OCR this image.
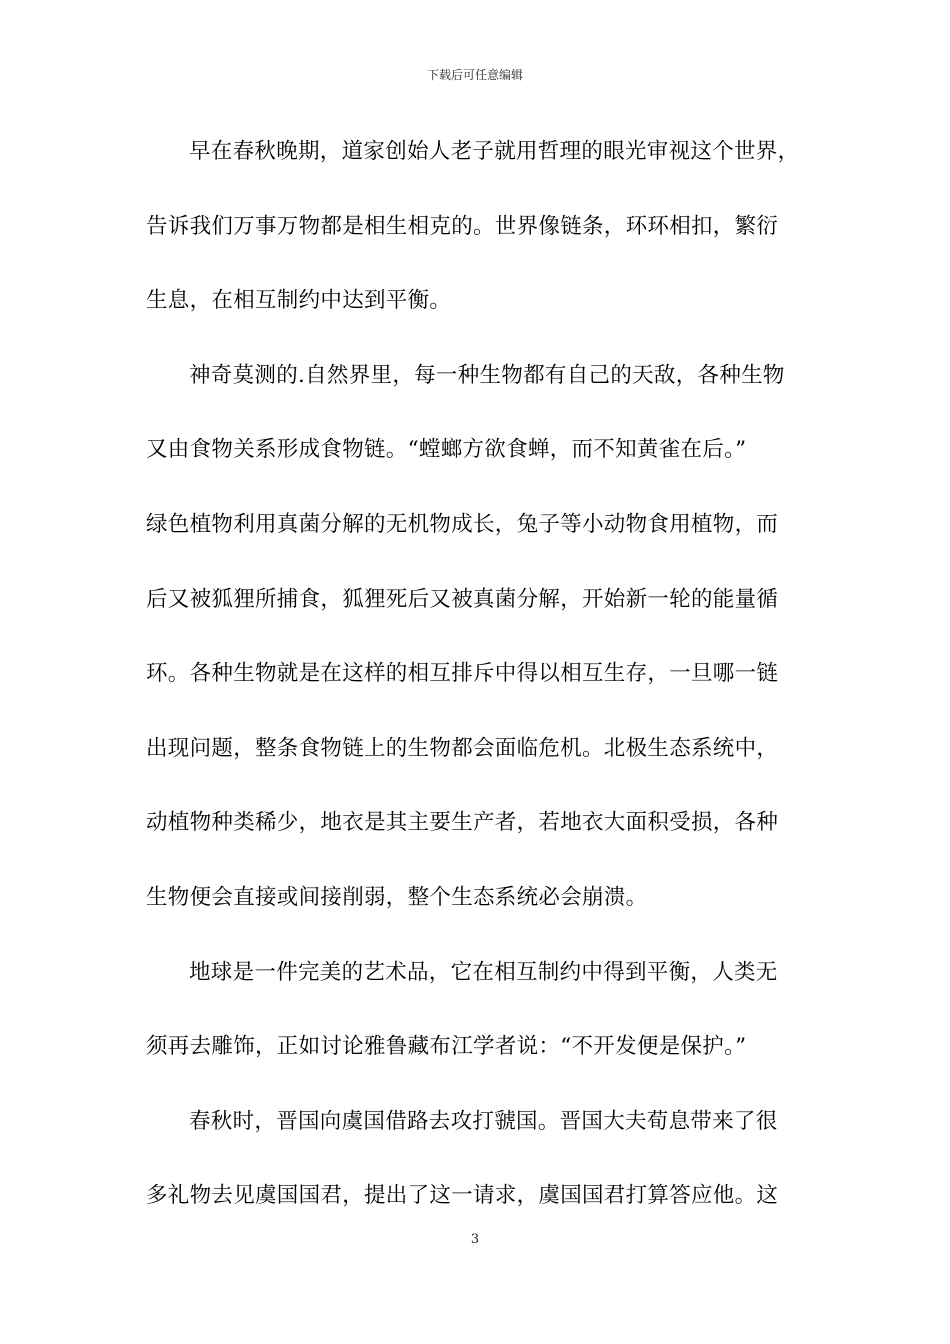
下载后可任意编辑
早在春秋晚期，道家创始人老子就用哲理的眼光审视这个世界，
告诉我们万事万物都是相生相克的。世界像链条，环环相扣，繁衍
生息，在相互制约中达到平衡。
神奇莫测的.自然界里，每一种生物都有自己的天敌，各种生物
又由食物关系形成食物链。“螳螂方欲食蝉，而不知黄雀在后。”
绿色植物利用真菌分解的无机物成长，兔子等小动物食用植物，而
后又被狐狸所捕食，狐狸死后又被真菌分解，开始新一轮的能量循
环。各种生物就是在这样的相互排斥中得以相互生存，一旦哪一链
出现问题，整条食物链上的生物都会面临危机。北极生态系统中，
动植物种类稀少，地衣是其主要生产者，若地衣大面积受损，各种
生物便会直接或间接削弱，整个生态系统必会崩溃。
地球是一件完美的艺术品，它在相互制约中得到平衡，人类无
须再去雕饰，正如讨论雅鲁藏布江学者说：“不开发便是保护。”
春秋时，晋国向虞国借路去攻打虢国。晋国大夫荀息带来了很
多礼物去见虞国国君，提出了这一请求，虞国国君打算答应他。这
3
